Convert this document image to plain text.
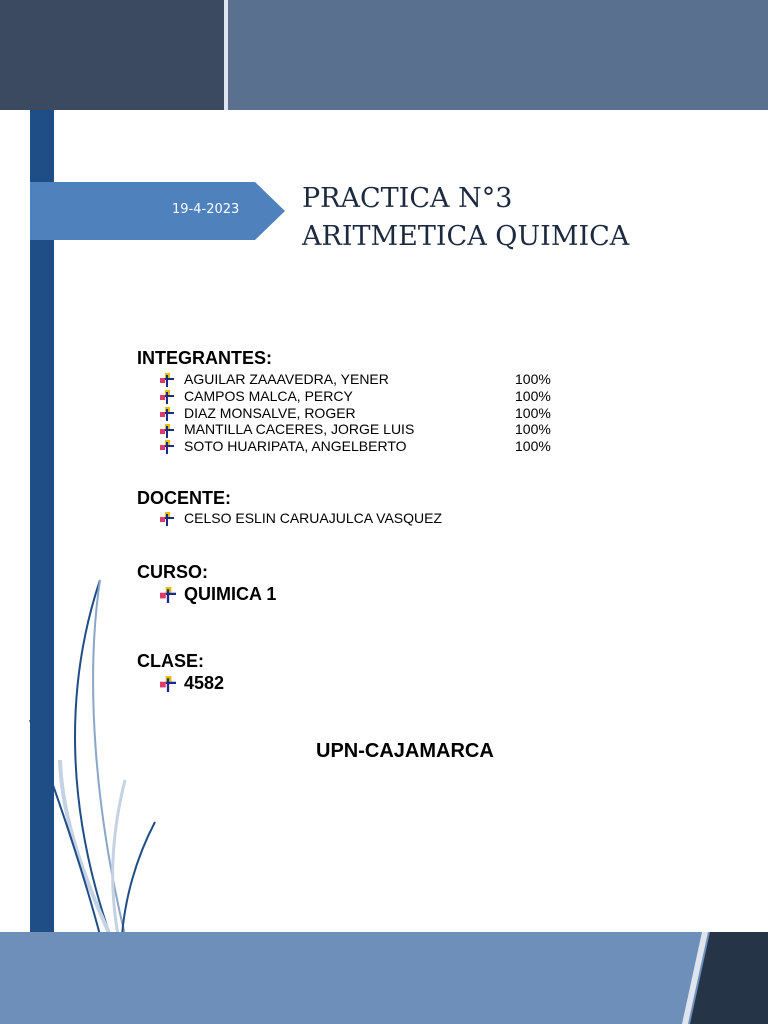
19-4-2023	PRACTICA N°3
ARITMETICA QUIMICA
INTEGRANTES:
AGUILAR ZAAAVEDRA, YENER	100%
CAMPOS MALCA, PERCY	100%
DIAZ MONSALVE, ROGER	100%
MANTILLA CACERES, JORGE LUIS	100%
SOTO HUARIPATA, ANGELBERTO	100%
DOCENTE:
CELSO ESLIN CARUAJULCA VASQUEZ
CURSO:
QUIMICA 1
CLASE:
4582
UPN-CAJAMARCA
